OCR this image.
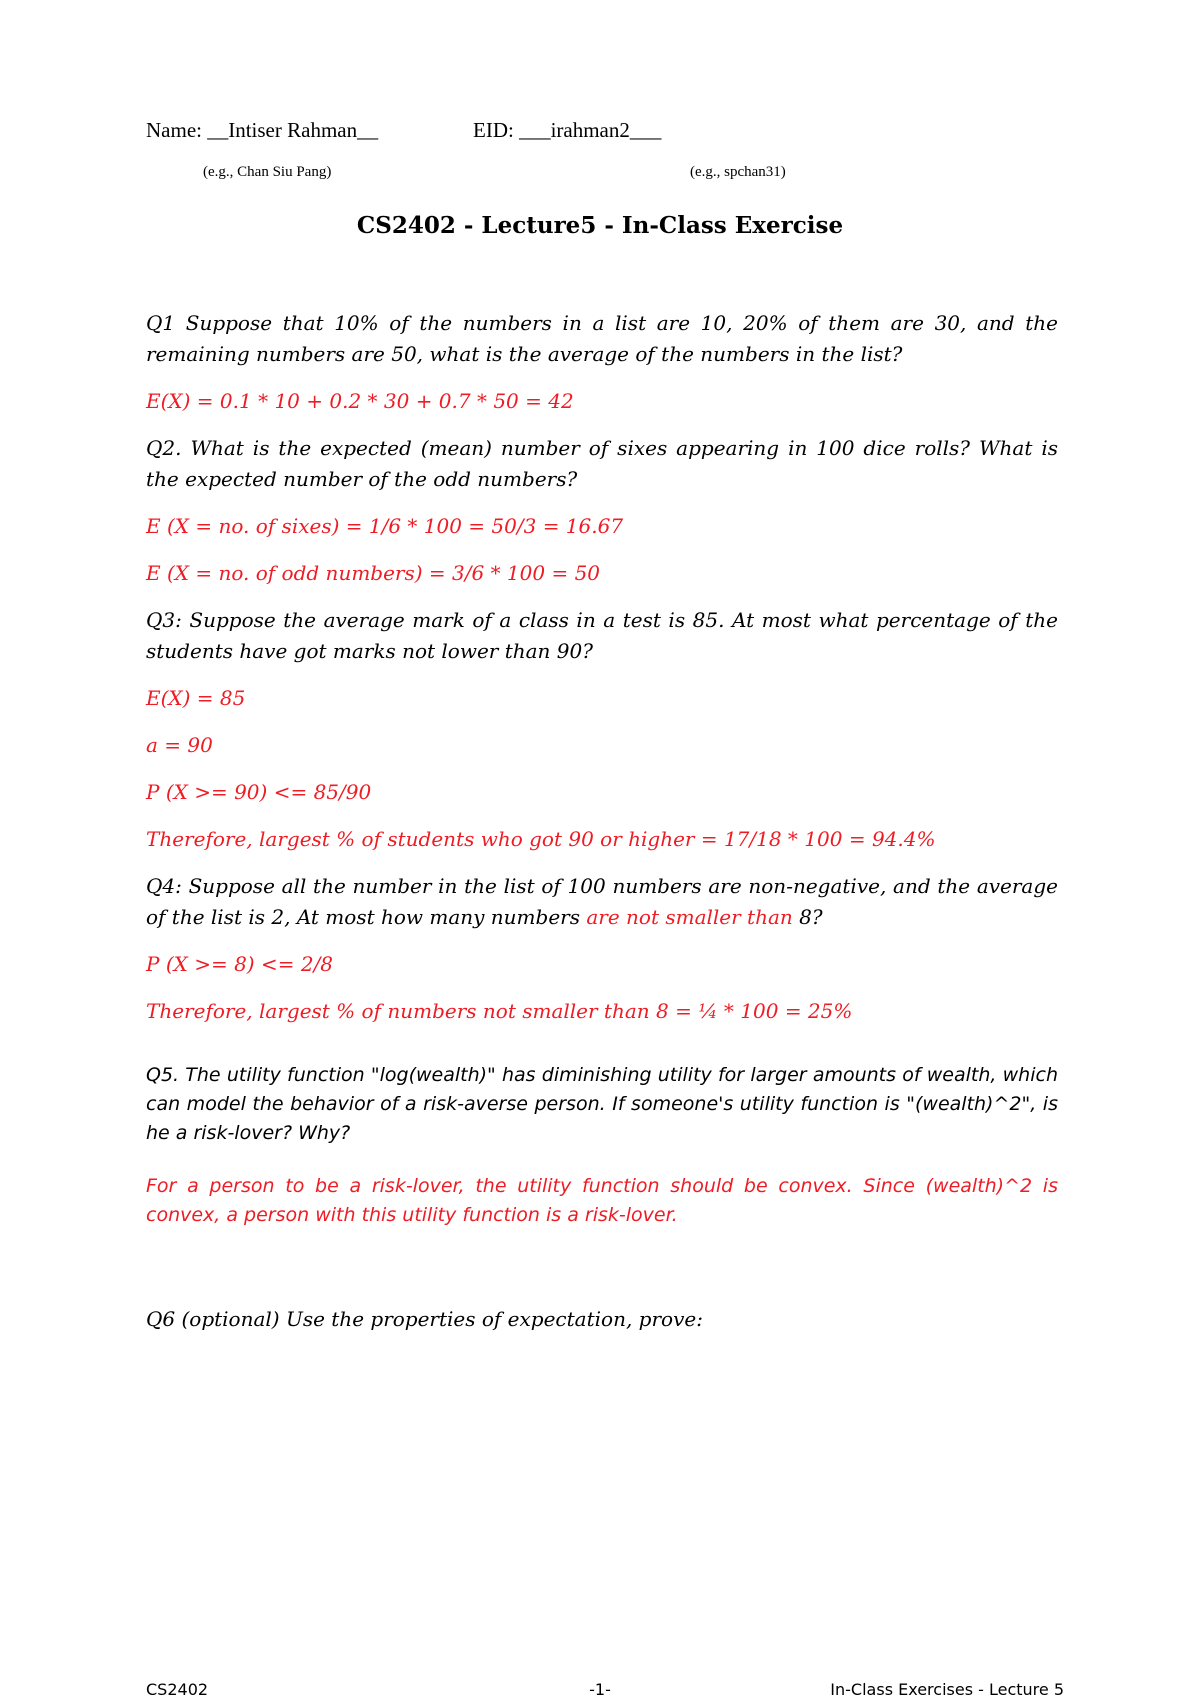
Name: __Intiser Rahman__	EID: ___irahman2___
(e.g., Chan Siu Pang)	(e.g., spchan31)
CS2402 - Lecture5 - In-Class Exercise

Q1 Suppose that 10% of the numbers in a list are 10, 20% of them are 30, and the remaining numbers are 50, what is the average of the numbers in the list?

E(X) = 0.1 * 10 + 0.2 * 30 + 0.7 * 50 = 42

Q2. What is the expected (mean) number of sixes appearing in 100 dice rolls? What is the expected number of the odd numbers?

E (X = no. of sixes) = 1/6 * 100 = 50/3 = 16.67

E (X = no. of odd numbers) = 3/6 * 100 = 50

Q3: Suppose the average mark of a class in a test is 85. At most what percentage of the students have got marks not lower than 90?

E(X) = 85

a = 90

P (X >= 90) <= 85/90

Therefore, largest % of students who got 90 or higher = 17/18 * 100 = 94.4%

Q4: Suppose all the number in the list of 100 numbers are non-negative, and the average of the list is 2, At most how many numbers are not smaller than 8?

P (X >= 8) <= 2/8

Therefore, largest % of numbers not smaller than 8 = ¼ * 100 = 25%

Q5. The utility function "log(wealth)" has diminishing utility for larger amounts of wealth, which can model the behavior of a risk-averse person. If someone's utility function is "(wealth)^2", is he a risk-lover? Why?

For a person to be a risk-lover, the utility function should be convex. Since (wealth)^2 is convex, a person with this utility function is a risk-lover.

Q6 (optional) Use the properties of expectation, prove:

CS2402	-1-	In-Class Exercises - Lecture 5
